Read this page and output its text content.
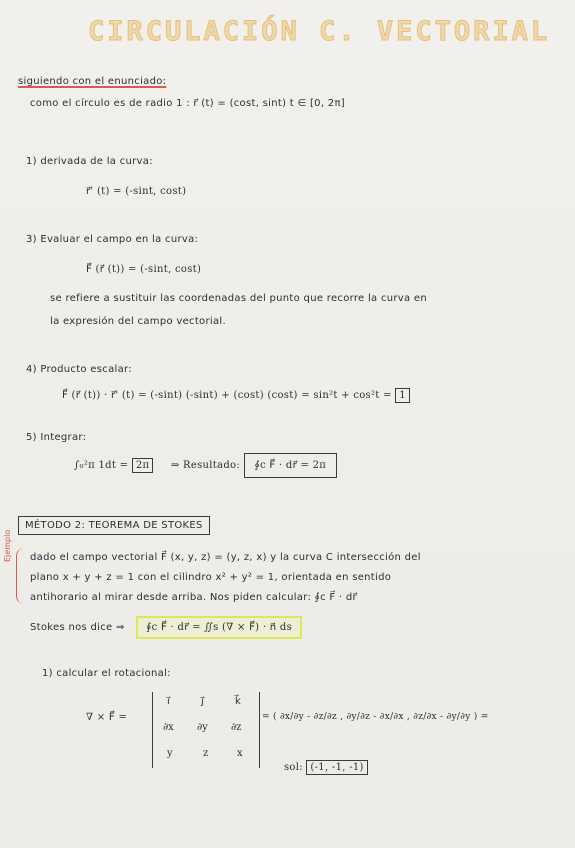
CIRCULACIÓN C. VECTORIAL
siguiendo con el enunciado:
como el círculo es de radio 1 : r⃗ (t) = (cost, sint) t ∈ [0, 2π]
1) derivada de la curva:
r⃗' (t) = (-sint, cost)
3) Evaluar el campo en la curva:
F⃗ (r⃗ (t)) = (-sint, cost)
se refiere a sustituir las coordenadas del punto que recorre la curva en
la expresión del campo vectorial.
4) Producto escalar:
F⃗ (r⃗ (t)) · r⃗' (t) = (-sint) (-sint) + (cost) (cost) = sin²t + cos²t = 1
5) Integrar:
∫₀²π 1dt = 2π ⇒ Resultado: ∮c F⃗ · dr⃗ = 2π
MÉTODO 2: TEOREMA DE STOKES
Ejemplo dado el campo vectorial F⃗ (x, y, z) = (y, z, x) y la curva C intersección del
plano x + y + z = 1 con el cilindro x² + y² = 1, orientada en sentido
antihorario al mirar desde arriba. Nos piden calcular: ∮c F⃗ · dr⃗
Stokes nos dice ⇒ ∮c F⃗ · dr⃗ = ∬s (∇ × F⃗) · n⃗ ds
1) calcular el rotacional:
∇ × F⃗ =
i⃗	j⃗	k⃗
∂x ∂y ∂z
y	z	x
= ( ∂x/∂y - ∂z/∂z , ∂y/∂z - ∂x/∂x , ∂z/∂x - ∂y/∂y ) =
sol: (-1, -1, -1)
